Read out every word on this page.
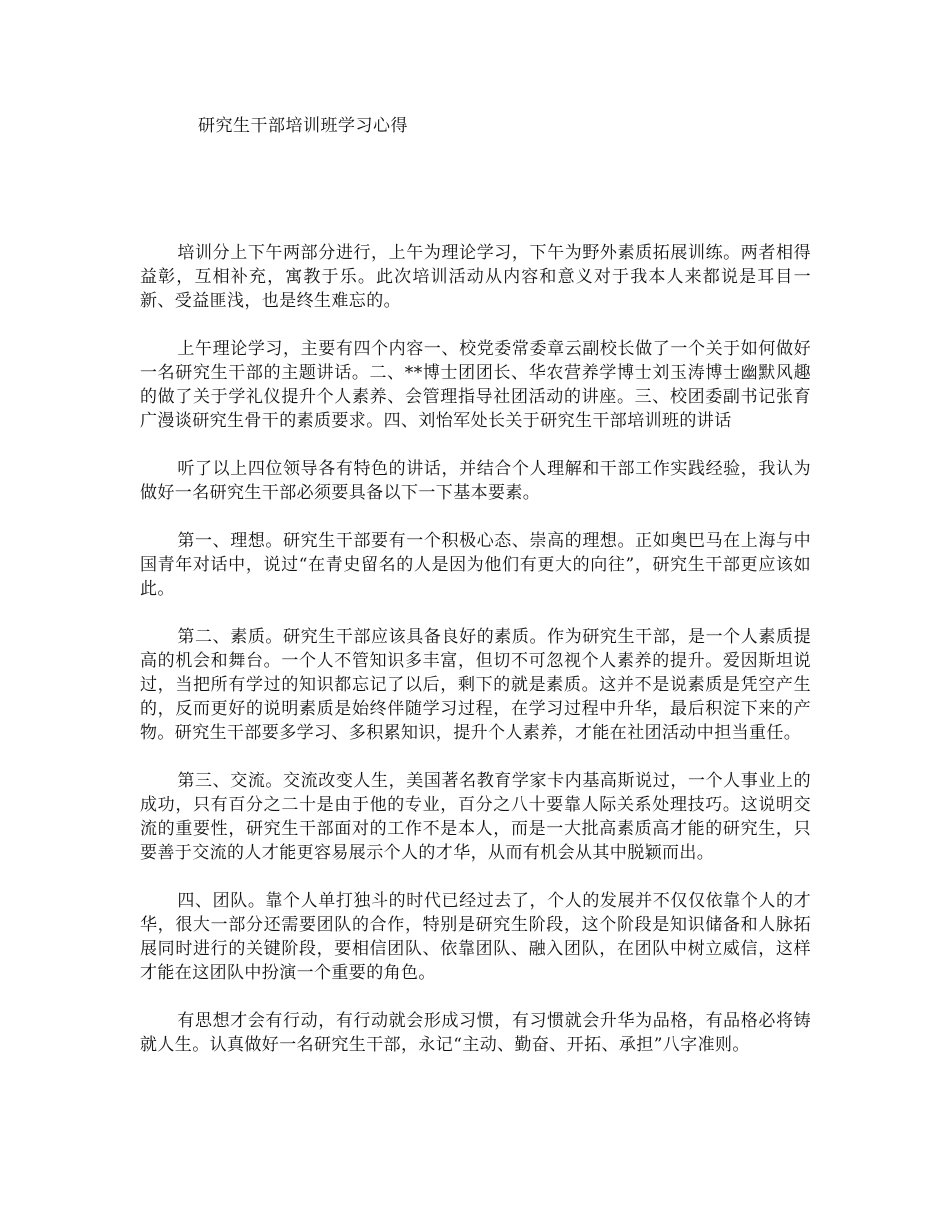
研究生干部培训班学习心得

培训分上下午两部分进行，上午为理论学习，下午为野外素质拓展训练。两者相得益彰，互相补充，寓教于乐。此次培训活动从内容和意义对于我本人来都说是耳目一新、受益匪浅，也是终生难忘的。

上午理论学习，主要有四个内容一、校党委常委章云副校长做了一个关于如何做好一名研究生干部的主题讲话。二、**博士团团长、华农营养学博士刘玉涛博士幽默风趣的做了关于学礼仪提升个人素养、会管理指导社团活动的讲座。三、校团委副书记张育广漫谈研究生骨干的素质要求。四、刘怡军处长关于研究生干部培训班的讲话

听了以上四位领导各有特色的讲话，并结合个人理解和干部工作实践经验，我认为做好一名研究生干部必须要具备以下一下基本要素。

第一、理想。研究生干部要有一个积极心态、崇高的理想。正如奥巴马在上海与中国青年对话中，说过“在青史留名的人是因为他们有更大的向往”，研究生干部更应该如此。

第二、素质。研究生干部应该具备良好的素质。作为研究生干部，是一个人素质提高的机会和舞台。一个人不管知识多丰富，但切不可忽视个人素养的提升。爱因斯坦说过，当把所有学过的知识都忘记了以后，剩下的就是素质。这并不是说素质是凭空产生的，反而更好的说明素质是始终伴随学习过程，在学习过程中升华，最后积淀下来的产物。研究生干部要多学习、多积累知识，提升个人素养，才能在社团活动中担当重任。

第三、交流。交流改变人生，美国著名教育学家卡内基高斯说过，一个人事业上的成功，只有百分之二十是由于他的专业，百分之八十要靠人际关系处理技巧。这说明交流的重要性，研究生干部面对的工作不是本人，而是一大批高素质高才能的研究生，只要善于交流的人才能更容易展示个人的才华，从而有机会从其中脱颖而出。

四、团队。靠个人单打独斗的时代已经过去了，个人的发展并不仅仅依靠个人的才华，很大一部分还需要团队的合作，特别是研究生阶段，这个阶段是知识储备和人脉拓展同时进行的关键阶段，要相信团队、依靠团队、融入团队，在团队中树立威信，这样才能在这团队中扮演一个重要的角色。

有思想才会有行动，有行动就会形成习惯，有习惯就会升华为品格，有品格必将铸就人生。认真做好一名研究生干部，永记“主动、勤奋、开拓、承担”八字准则。
